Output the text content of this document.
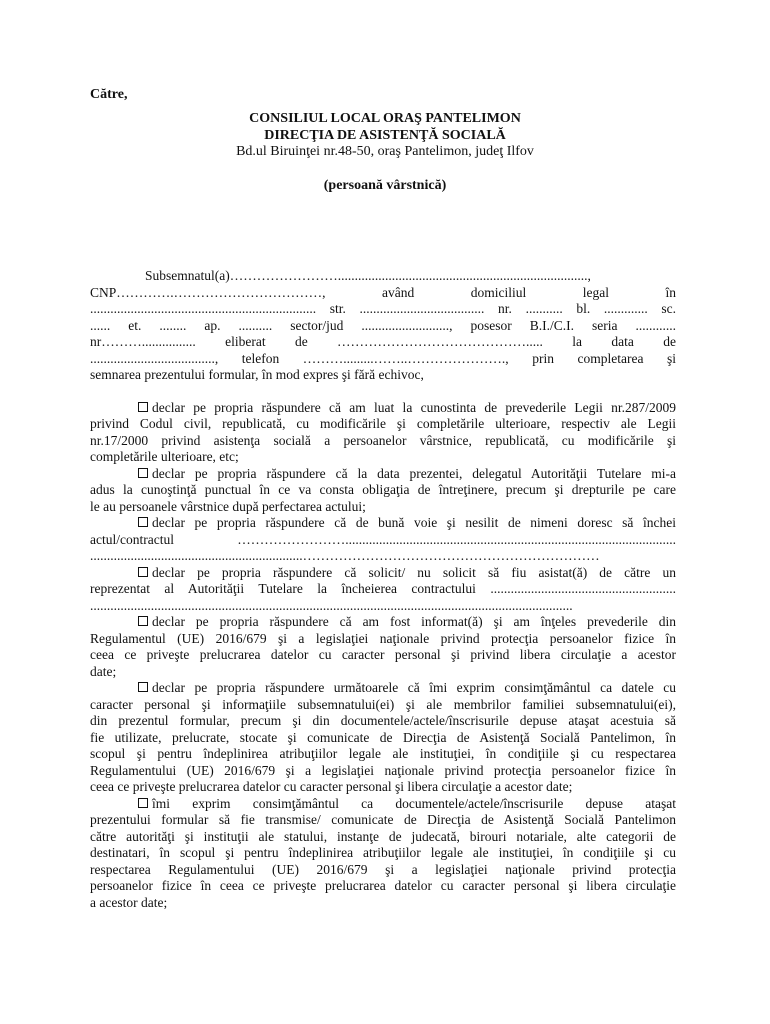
Către,
CONSILIUL LOCAL ORAŞ PANTELIMON
DIRECŢIA DE ASISTENŢĂ SOCIALĂ
Bd.ul Biruinţei nr.48-50, oraş Pantelimon, judeţ Ilfov
(persoană vârstnică)

Subsemnatul(a)……………………..........................................................................,

CNP………….……………………………, având domiciliul legal în

................................................................... str. ..................................... nr. ........... bl. ............. sc.

...... et. ........ ap. .......... sector/jud .........................., posesor B.I./C.I. seria ............

nr………................ eliberat de ……………………………………..... la data de

....................................., telefon ……….........……..…………………., prin completarea şi

semnarea prezentului formular, în mod expres şi fără echivoc,

declar pe propria răspundere că am luat la cunostinta de prevederile Legii nr.287/2009

privind Codul civil, republicată, cu modificările şi completările ulterioare, respectiv ale Legii

nr.17/2000 privind asistenţa socială a persoanelor vârstnice, republicată, cu modificările şi

completările ulterioare, etc;

declar pe propria răspundere că la data prezentei, delegatul Autorităţii Tutelare mi-a

adus la cunoştinţă punctual în ce va consta obligaţia de întreţinere, precum şi drepturile pe care

le au persoanele vârstnice după perfectarea actului;

declar pe propria răspundere că de bună voie şi nesilit de nimeni doresc să închei

actul/contractul ……………………..................................................................................................

...............................................................…………………………………………………………

declar pe propria răspundere că solicit/ nu solicit să fiu asistat(ă) de către un

reprezentat al Autorităţii Tutelare la încheierea contractului .......................................................

...............................................................................................................................................

declar pe propria răspundere că am fost informat(ă) şi am înţeles prevederile din

Regulamentul (UE) 2016/679 şi a legislaţiei naţionale privind protecţia persoanelor fizice în

ceea ce priveşte prelucrarea datelor cu caracter personal şi privind libera circulaţie a acestor

date;

declar pe propria răspundere următoarele că îmi exprim consimţământul ca datele cu

caracter personal şi informaţiile subsemnatului(ei) şi ale membrilor familiei subsemnatului(ei),

din prezentul formular, precum şi din documentele/actele/înscrisurile depuse ataşat acestuia să

fie utilizate, prelucrate, stocate şi comunicate de Direcţia de Asistenţă Socială Pantelimon, în

scopul şi pentru îndeplinirea atribuţiilor legale ale instituţiei, în condiţiile şi cu respectarea

Regulamentului (UE) 2016/679 şi a legislaţiei naţionale privind protecţia persoanelor fizice în

ceea ce priveşte prelucrarea datelor cu caracter personal şi libera circulaţie a acestor date;

îmi exprim consimţământul ca documentele/actele/înscrisurile depuse ataşat

prezentului formular să fie transmise/ comunicate de Direcţia de Asistenţă Socială Pantelimon

către autorităţi şi instituţii ale statului, instanţe de judecată, birouri notariale, alte categorii de

destinatari, în scopul şi pentru îndeplinirea atribuţiilor legale ale instituţiei, în condiţiile şi cu

respectarea Regulamentului (UE) 2016/679 şi a legislaţiei naţionale privind protecţia

persoanelor fizice în ceea ce priveşte prelucrarea datelor cu caracter personal şi libera circulaţie

a acestor date;
